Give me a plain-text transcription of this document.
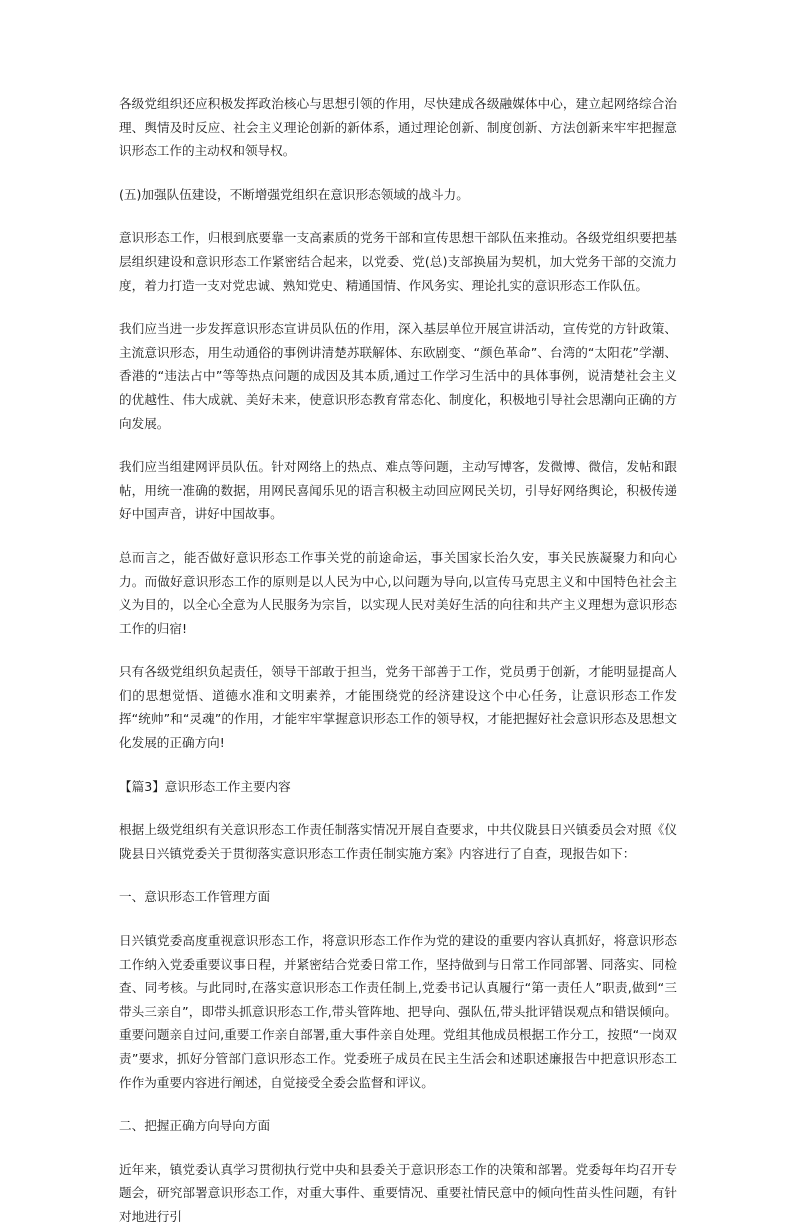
各级党组织还应积极发挥政治核心与思想引领的作用，尽快建成各级融媒体中心，建立起网络综合治理、舆情及时反应、社会主义理论创新的新体系，通过理论创新、制度创新、方法创新来牢牢把握意识形态工作的主动权和领导权。

(五)加强队伍建设，不断增强党组织在意识形态领域的战斗力。

意识形态工作，归根到底要靠一支高素质的党务干部和宣传思想干部队伍来推动。各级党组织要把基层组织建设和意识形态工作紧密结合起来，以党委、党(总)支部换届为契机，加大党务干部的交流力度，着力打造一支对党忠诚、熟知党史、精通国情、作风务实、理论扎实的意识形态工作队伍。

我们应当进一步发挥意识形态宣讲员队伍的作用，深入基层单位开展宣讲活动，宣传党的方针政策、主流意识形态，用生动通俗的事例讲清楚苏联解体、东欧剧变、“颜色革命”、台湾的“太阳花”学潮、香港的“违法占中”等等热点问题的成因及其本质,通过工作学习生活中的具体事例，说清楚社会主义的优越性、伟大成就、美好未来，使意识形态教育常态化、制度化，积极地引导社会思潮向正确的方向发展。

我们应当组建网评员队伍。针对网络上的热点、难点等问题，主动写博客，发微博、微信，发帖和跟帖，用统一准确的数据，用网民喜闻乐见的语言积极主动回应网民关切，引导好网络舆论，积极传递好中国声音，讲好中国故事。

总而言之，能否做好意识形态工作事关党的前途命运，事关国家长治久安，事关民族凝聚力和向心力。而做好意识形态工作的原则是以人民为中心,以问题为导向,以宣传马克思主义和中国特色社会主义为目的，以全心全意为人民服务为宗旨，以实现人民对美好生活的向往和共产主义理想为意识形态工作的归宿!

只有各级党组织负起责任，领导干部敢于担当，党务干部善于工作，党员勇于创新，才能明显提高人们的思想觉悟、道德水准和文明素养，才能围绕党的经济建设这个中心任务，让意识形态工作发挥“统帅”和“灵魂”的作用，才能牢牢掌握意识形态工作的领导权，才能把握好社会意识形态及思想文化发展的正确方向!

【篇3】意识形态工作主要内容

根据上级党组织有关意识形态工作责任制落实情况开展自查要求，中共仪陇县日兴镇委员会对照《仪陇县日兴镇党委关于贯彻落实意识形态工作责任制实施方案》内容进行了自查，现报告如下：

一、意识形态工作管理方面

日兴镇党委高度重视意识形态工作，将意识形态工作作为党的建设的重要内容认真抓好，将意识形态工作纳入党委重要议事日程，并紧密结合党委日常工作，坚持做到与日常工作同部署、同落实、同检查、同考核。与此同时,在落实意识形态工作责任制上,党委书记认真履行“第一责任人”职责,做到“三带头三亲自”，即带头抓意识形态工作,带头管阵地、把导向、强队伍,带头批评错误观点和错误倾向。重要问题亲自过问,重要工作亲自部署,重大事件亲自处理。党组其他成员根据工作分工，按照“一岗双责”要求，抓好分管部门意识形态工作。党委班子成员在民主生活会和述职述廉报告中把意识形态工作作为重要内容进行阐述，自觉接受全委会监督和评议。

二、把握正确方向导向方面

近年来，镇党委认真学习贯彻执行党中央和县委关于意识形态工作的决策和部署。党委每年均召开专题会，研究部署意识形态工作，对重大事件、重要情况、重要社情民意中的倾向性苗头性问题，有针对地进行引
